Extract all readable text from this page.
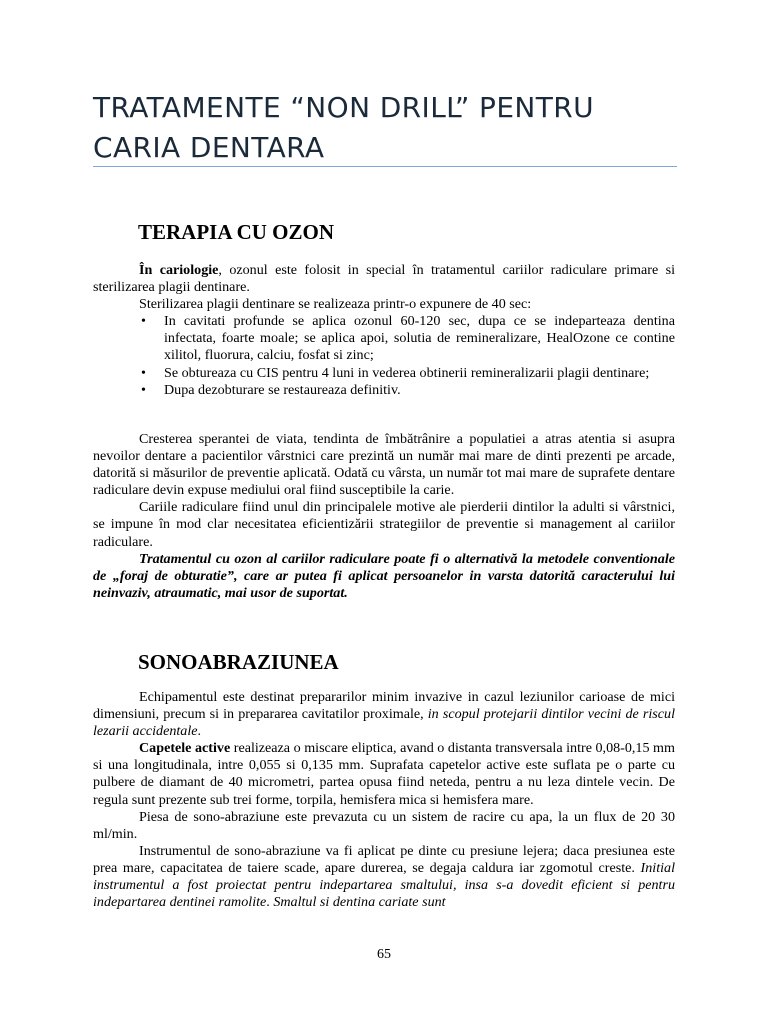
TRATAMENTE “NON DRILL” PENTRU
CARIA DENTARA
TERAPIA CU OZON

În cariologie, ozonul este folosit in special în tratamentul cariilor radiculare primare si sterilizarea plagii dentinare.

Sterilizarea plagii dentinare se realizeaza printr-o expunere de 40 sec:

• In cavitati profunde se aplica ozonul 60-120 sec, dupa ce se indeparteaza dentina infectata, foarte moale; se aplica apoi, solutia de remineralizare, HealOzone ce contine xilitol, fluorura, calciu, fosfat si zinc;
• Se obtureaza cu CIS pentru 4 luni in vederea obtinerii remineralizarii plagii dentinare;
• Dupa dezobturare se restaureaza definitiv.

Cresterea sperantei de viata, tendinta de îmbătrânire a populatiei a atras atentia si asupra nevoilor dentare a pacientilor vârstnici care prezintă un număr mai mare de dinti prezenti pe arcade, datorită si măsurilor de preventie aplicată. Odată cu vârsta, un număr tot mai mare de suprafete dentare radiculare devin expuse mediului oral fiind susceptibile la carie.

Cariile radiculare fiind unul din principalele motive ale pierderii dintilor la adulti si vârstnici, se impune în mod clar necesitatea eficientizării strategiilor de preventie si management al cariilor radiculare.

Tratamentul cu ozon al cariilor radiculare poate fi o alternativă la metodele conventionale de „foraj de obturatie”, care ar putea fi aplicat persoanelor in varsta datorită caracterului lui neinvaziv, atraumatic, mai usor de suportat.

SONOABRAZIUNEA

Echipamentul este destinat prepararilor minim invazive in cazul leziunilor carioase de mici dimensiuni, precum si in prepararea cavitatilor proximale, in scopul protejarii dintilor vecini de riscul lezarii accidentale.

Capetele active realizeaza o miscare eliptica, avand o distanta transversala intre 0,08-0,15 mm si una longitudinala, intre 0,055 si 0,135 mm. Suprafata capetelor active este suflata pe o parte cu pulbere de diamant de 40 micrometri, partea opusa fiind neteda, pentru a nu leza dintele vecin. De regula sunt prezente sub trei forme, torpila, hemisfera mica si hemisfera mare.

Piesa de sono-abraziune este prevazuta cu un sistem de racire cu apa, la un flux de 20 30 ml/min.

Instrumentul de sono-abraziune va fi aplicat pe dinte cu presiune lejera; daca presiunea este prea mare, capacitatea de taiere scade, apare durerea, se degaja caldura iar zgomotul creste. Initial instrumentul a fost proiectat pentru indepartarea smaltului, insa s-a dovedit eficient si pentru indepartarea dentinei ramolite. Smaltul si dentina cariate sunt

65
